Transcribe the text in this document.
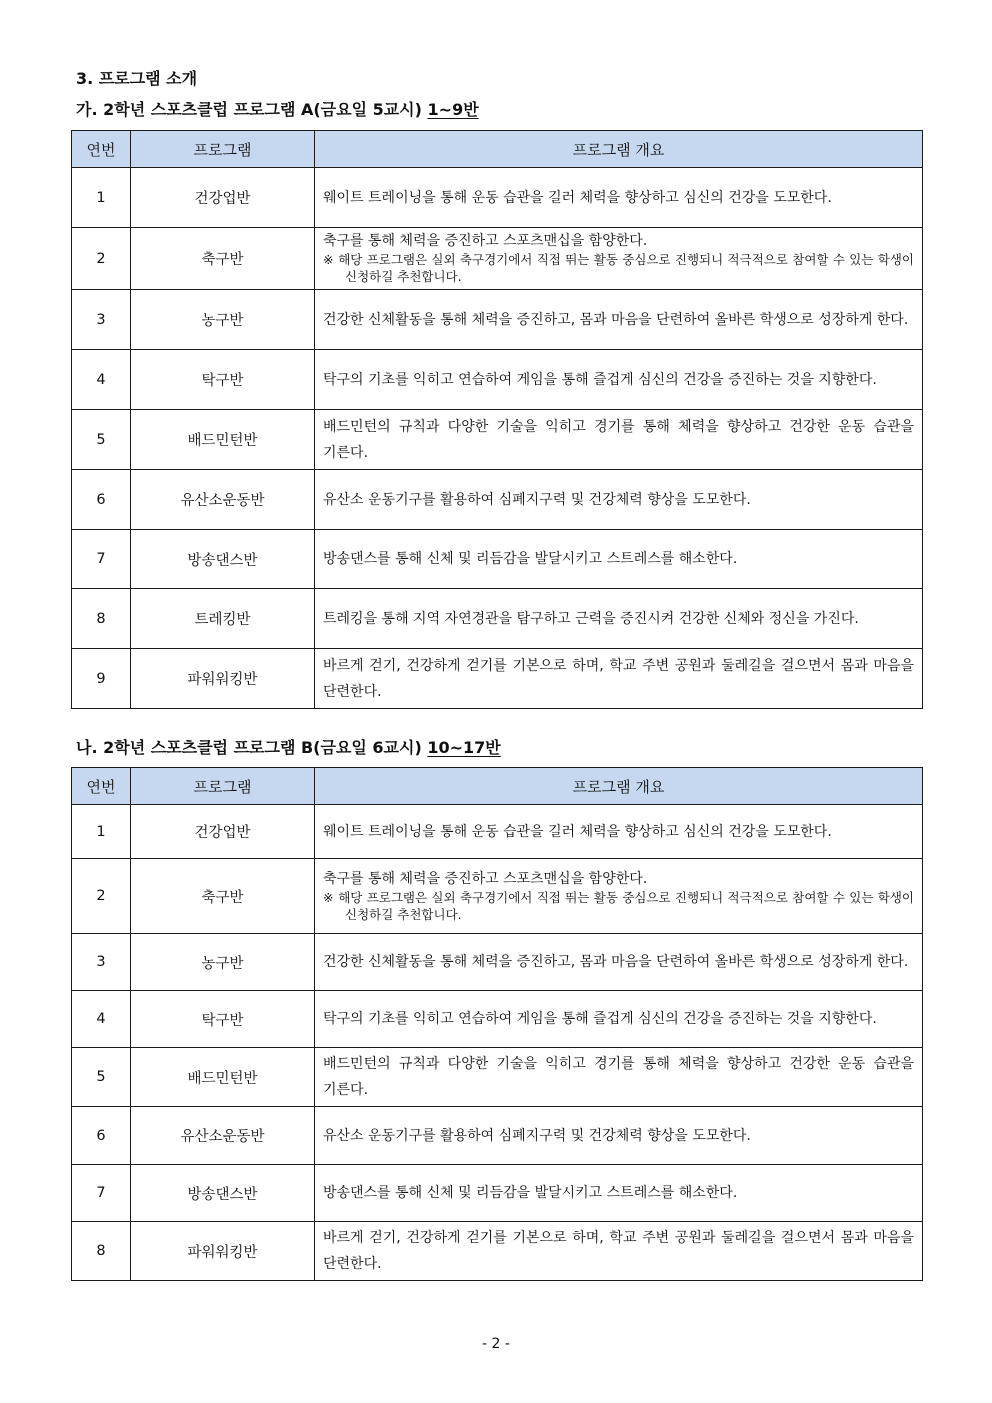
3. 프로그램 소개
가. 2학년 스포츠클럽 프로그램 A(금요일 5교시) 1~9반
연번	프로그램	프로그램 개요
1	건강업반	웨이트 트레이닝을 통해 운동 습관을 길러 체력을 향상하고 심신의 건강을 도모한다.

2	축구반	축구를 통해 체력을 증진하고 스포츠맨십을 함양한다.
※ 해당 프로그램은 실외 축구경기에서 직접 뛰는 활동 중심으로 진행되니 적극적으로 참여할 수 있는 학생이 신청하길 추천합니다.

3	농구반	건강한 신체활동을 통해 체력을 증진하고, 몸과 마음을 단련하여 올바른 학생으로 성장하게 한다.

4	탁구반	탁구의 기초를 익히고 연습하여 게임을 통해 즐겁게 심신의 건강을 증진하는 것을 지향한다.

5	배드민턴반	배드민턴의 규칙과 다양한 기술을 익히고 경기를 통해 체력을 향상하고 건강한 운동 습관을 기른다.

6	유산소운동반	유산소 운동기구를 활용하여 심폐지구력 및 건강체력 향상을 도모한다.

7	방송댄스반	방송댄스를 통해 신체 및 리듬감을 발달시키고 스트레스를 해소한다.

8	트레킹반	트레킹을 통해 지역 자연경관을 탐구하고 근력을 증진시켜 건강한 신체와 정신을 가진다.

9	파워워킹반	바르게 걷기, 건강하게 걷기를 기본으로 하며, 학교 주변 공원과 둘레길을 걸으면서 몸과 마음을 단련한다.
나. 2학년 스포츠클럽 프로그램 B(금요일 6교시) 10~17반
연번	프로그램	프로그램 개요
1	건강업반	웨이트 트레이닝을 통해 운동 습관을 길러 체력을 향상하고 심신의 건강을 도모한다.

2	축구반	축구를 통해 체력을 증진하고 스포츠맨십을 함양한다.
※ 해당 프로그램은 실외 축구경기에서 직접 뛰는 활동 중심으로 진행되니 적극적으로 참여할 수 있는 학생이 신청하길 추천합니다.

3	농구반	건강한 신체활동을 통해 체력을 증진하고, 몸과 마음을 단련하여 올바른 학생으로 성장하게 한다.

4	탁구반	탁구의 기초를 익히고 연습하여 게임을 통해 즐겁게 심신의 건강을 증진하는 것을 지향한다.

5	배드민턴반	배드민턴의 규칙과 다양한 기술을 익히고 경기를 통해 체력을 향상하고 건강한 운동 습관을 기른다.

6	유산소운동반	유산소 운동기구를 활용하여 심폐지구력 및 건강체력 향상을 도모한다.

7	방송댄스반	방송댄스를 통해 신체 및 리듬감을 발달시키고 스트레스를 해소한다.

8	파워워킹반	바르게 걷기, 건강하게 걷기를 기본으로 하며, 학교 주변 공원과 둘레길을 걸으면서 몸과 마음을 단련한다.

- 2 -
